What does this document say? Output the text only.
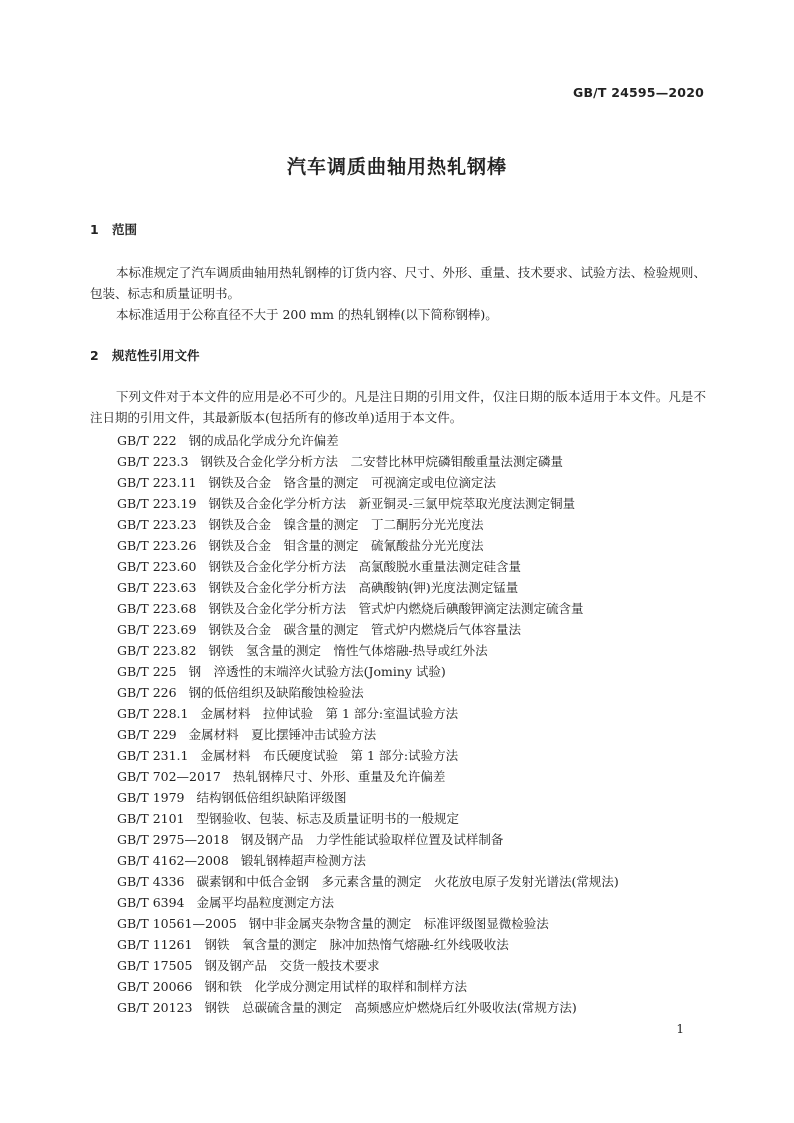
GB/T 24595—2020
汽车调质曲轴用热轧钢棒
1 范围
本标准规定了汽车调质曲轴用热轧钢棒的订货内容、尺寸、外形、重量、技术要求、试验方法、检验规则、包装、标志和质量证明书。
本标准适用于公称直径不大于 200 mm 的热轧钢棒(以下简称钢棒)。
2 规范性引用文件
下列文件对于本文件的应用是必不可少的。凡是注日期的引用文件，仅注日期的版本适用于本文件。凡是不注日期的引用文件，其最新版本(包括所有的修改单)适用于本文件。
GB/T 222 钢的成品化学成分允许偏差
GB/T 223.3 钢铁及合金化学分析方法　二安替比林甲烷磷钼酸重量法测定磷量
GB/T 223.11 钢铁及合金　铬含量的测定　可视滴定或电位滴定法
GB/T 223.19 钢铁及合金化学分析方法　新亚铜灵-三氯甲烷萃取光度法测定铜量
GB/T 223.23 钢铁及合金　镍含量的测定　丁二酮肟分光光度法
GB/T 223.26 钢铁及合金　钼含量的测定　硫氰酸盐分光光度法
GB/T 223.60 钢铁及合金化学分析方法　高氯酸脱水重量法测定硅含量
GB/T 223.63 钢铁及合金化学分析方法　高碘酸钠(钾)光度法测定锰量
GB/T 223.68 钢铁及合金化学分析方法　管式炉内燃烧后碘酸钾滴定法测定硫含量
GB/T 223.69 钢铁及合金　碳含量的测定　管式炉内燃烧后气体容量法
GB/T 223.82 钢铁　氢含量的测定　惰性气体熔融-热导或红外法
GB/T 225 钢　淬透性的末端淬火试验方法(Jominy 试验)
GB/T 226 钢的低倍组织及缺陷酸蚀检验法
GB/T 228.1 金属材料　拉伸试验　第 1 部分:室温试验方法
GB/T 229 金属材料　夏比摆锤冲击试验方法
GB/T 231.1 金属材料　布氏硬度试验　第 1 部分:试验方法
GB/T 702—2017 热轧钢棒尺寸、外形、重量及允许偏差
GB/T 1979 结构钢低倍组织缺陷评级图
GB/T 2101 型钢验收、包装、标志及质量证明书的一般规定
GB/T 2975—2018 钢及钢产品　力学性能试验取样位置及试样制备
GB/T 4162—2008 锻轧钢棒超声检测方法
GB/T 4336 碳素钢和中低合金钢　多元素含量的测定　火花放电原子发射光谱法(常规法)
GB/T 6394 金属平均晶粒度测定方法
GB/T 10561—2005 钢中非金属夹杂物含量的测定　标准评级图显微检验法
GB/T 11261 钢铁　氧含量的测定　脉冲加热惰气熔融-红外线吸收法
GB/T 17505 钢及钢产品　交货一般技术要求
GB/T 20066 钢和铁　化学成分测定用试样的取样和制样方法
GB/T 20123 钢铁　总碳硫含量的测定　高频感应炉燃烧后红外吸收法(常规方法)
1
